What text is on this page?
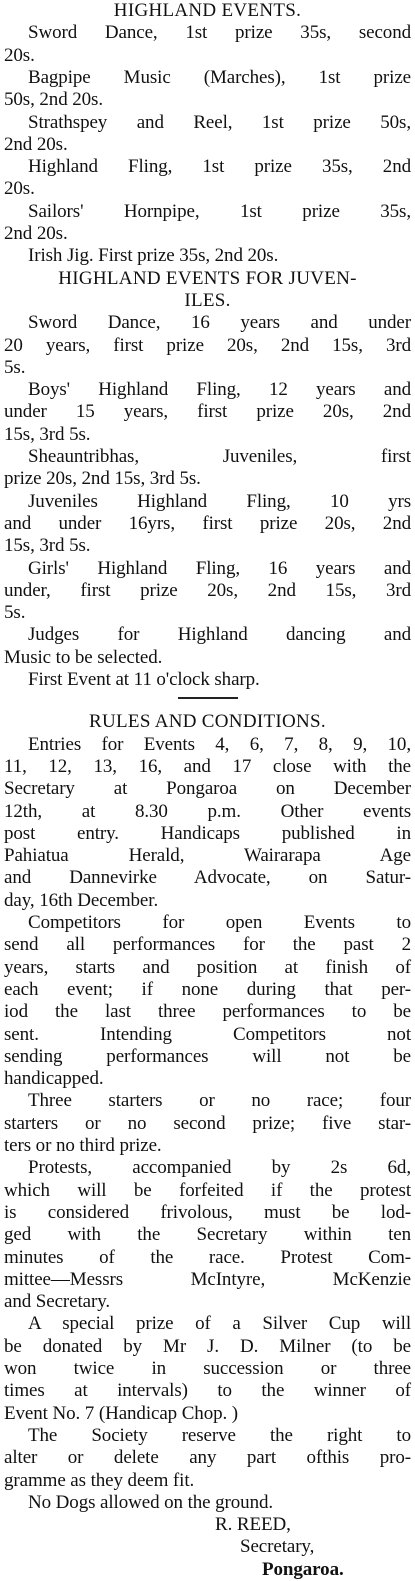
HIGHLAND EVENTS.
Sword Dance, 1st prize 35s, second
20s.
Bagpipe Music (Marches), 1st prize
50s, 2nd 20s.
Strathspey and Reel, 1st prize 50s,
2nd 20s.
Highland Fling, 1st prize 35s, 2nd
20s.
Sailors' Hornpipe, 1st prize 35s,
2nd 20s.
Irish Jig. First prize 35s, 2nd 20s.
HIGHLAND EVENTS FOR JUVEN-
ILES.
Sword Dance, 16 years and under
20 years, first prize 20s, 2nd 15s, 3rd
5s.
Boys' Highland Fling, 12 years and
under 15 years, first prize 20s, 2nd
15s, 3rd 5s.
Sheauntribhas, Juveniles, first
prize 20s, 2nd 15s, 3rd 5s.
Juveniles Highland Fling, 10 yrs
and under 16yrs, first prize 20s, 2nd
15s, 3rd 5s.
Girls' Highland Fling, 16 years and
under, first prize 20s, 2nd 15s, 3rd
5s.
Judges for Highland dancing and
Music to be selected.
First Event at 11 o'clock sharp.
RULES AND CONDITIONS.
Entries for Events 4, 6, 7, 8, 9, 10,
11, 12, 13, 16, and 17 close with the
Secretary at Pongaroa on December
12th, at 8.30 p.m. Other events
post entry. Handicaps published in
Pahiatua Herald, Wairarapa Age
and Dannevirke Advocate, on Satur-
day, 16th December.
Competitors for open Events to
send all performances for the past 2
years, starts and position at finish of
each event; if none during that per-
iod the last three performances to be
sent. Intending Competitors not
sending performances will not be
handicapped.
Three starters or no race; four
starters or no second prize; five star-
ters or no third prize.
Protests, accompanied by 2s 6d,
which will be forfeited if the protest
is considered frivolous, must be lod-
ged with the Secretary within ten
minutes of the race. Protest Com-
mittee—Messrs McIntyre, McKenzie
and Secretary.
A special prize of a Silver Cup will
be donated by Mr J. D. Milner (to be
won twice in succession or three
times at intervals) to the winner of
Event No. 7 (Handicap Chop. )
The Society reserve the right to
alter or delete any part ofthis pro-
gramme as they deem fit.
No Dogs allowed on the ground.
R. REED,
Secretary,
Pongaroa.
